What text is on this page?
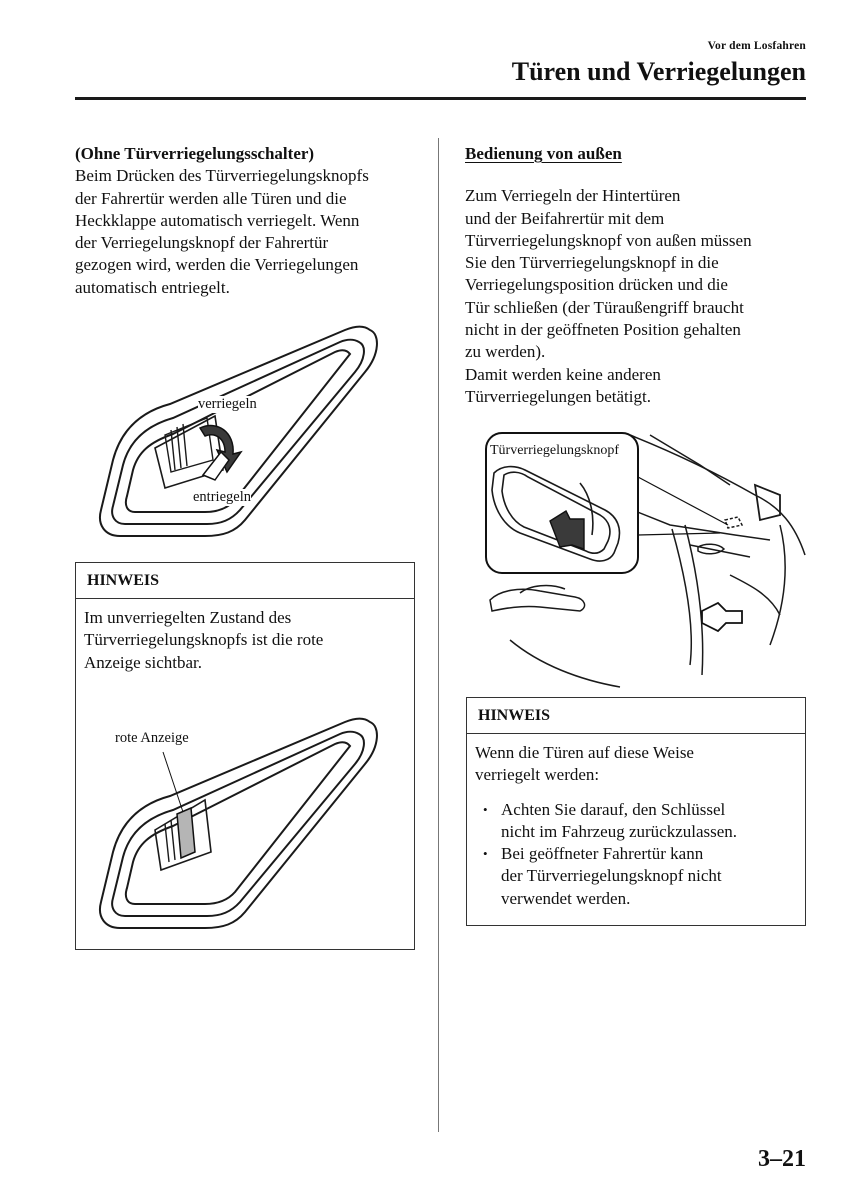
Vor dem Losfahren
Türen und Verriegelungen

(Ohne Türverriegelungsschalter)

Beim Drücken des Türverriegelungsknopfs

der Fahrertür werden alle Türen und die

Heckklappe automatisch verriegelt. Wenn

der Verriegelungsknopf der Fahrertür

gezogen wird, werden die Verriegelungen

automatisch entriegelt.

verriegeln
entriegeln
HINWEIS

Im unverriegelten Zustand des

Türverriegelungsknopfs ist die rote

Anzeige sichtbar.

rote Anzeige

Bedienung von außen

Zum Verriegeln der Hintertüren

und der Beifahrertür mit dem

Türverriegelungsknopf von außen müssen

Sie den Türverriegelungsknopf in die

Verriegelungsposition drücken und die

Tür schließen (der Türaußengriff braucht

nicht in der geöffneten Position gehalten

zu werden).

Damit werden keine anderen

Türverriegelungen betätigt.

Türverriegelungsknopf
HINWEIS

Wenn die Türen auf diese Weise

verriegelt werden:

• Achten Sie darauf, den Schlüssel
nicht im Fahrzeug zurückzulassen.
• Bei geöffneter Fahrertür kann
der Türverriegelungsknopf nicht
verwendet werden.
3–21
